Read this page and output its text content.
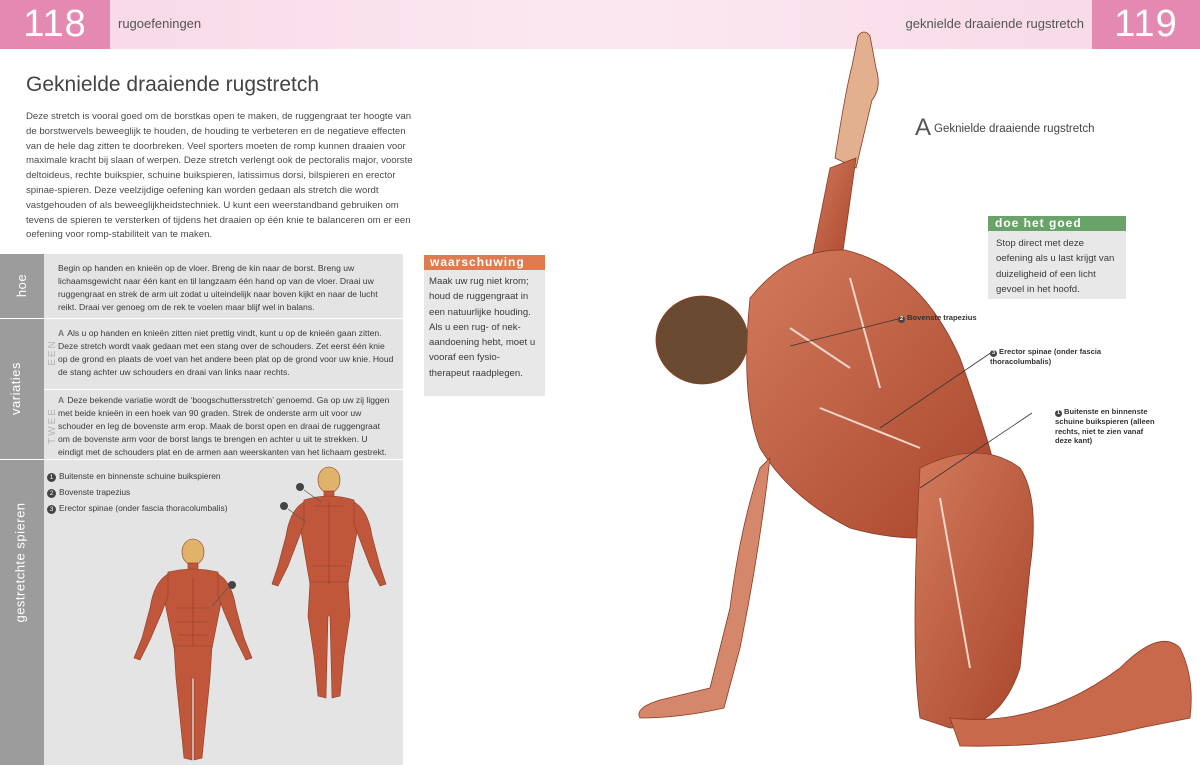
118	rugoefeningen	geknielde draaiende rugstretch 119
Geknielde draaiende rugstretch

Deze stretch is vooral goed om de borstkas open te maken, de ruggengraat ter hoogte van de borstwervels beweeglijk te houden, de houding te verbeteren en de negatieve effecten van de hele dag zitten te doorbreken. Veel sporters moeten de romp kunnen draaien voor maximale kracht bij slaan of werpen. Deze stretch verlengt ook de pectoralis major, voorste deltoideus, rechte buikspier, schuine buikspieren, latissimus dorsi, bilspieren en erector spinae-spieren. Deze veelzijdige oefening kan worden gedaan als stretch die wordt vastgehouden of als beweeglijkheidstechniek. U kunt een weerstandband gebruiken om tevens de spieren te versterken of tijdens het draaien op één knie te balanceren om er een oefening voor romp-stabiliteit van te maken.

hoe
variaties
gestretchte spieren
EEN
TWEE

Begin op handen en knieën op de vloer. Breng de kin naar de borst. Breng uw lichaamsgewicht naar één kant en til langzaam één hand op van de vloer. Draai uw ruggengraat en strek de arm uit zodat u uiteindelijk naar boven kijkt en naar de lucht reikt. Draai ver genoeg om de rek te voelen maar blijf wel in balans.

A Als u op handen en knieën zitten niet prettig vindt, kunt u op de knieën gaan zitten. Deze stretch wordt vaak gedaan met een stang over de schouders. Zet eerst één knie op de grond en plaats de voet van het andere been plat op de grond voor uw knie. Houd de stang achter uw schouders en draai van links naar rechts.

A Deze bekende variatie wordt de ‘boogschuttersstretch’ genoemd. Ga op uw zij liggen met beide knieën in een hoek van 90 graden. Strek de onderste arm uit voor uw schouder en leg de bovenste arm erop. Maak de borst open en draai de ruggengraat om de bovenste arm voor de borst langs te brengen en achter u uit te strekken. U eindigt met de schouders plat en de armen aan weerskanten van het lichaam gestrekt.

1 Buitenste en binnenste schuine buikspieren
2 Bovenste trapezius
3 Erector spinae (onder fascia thoracolumbalis)
waarschuwing

Maak uw rug niet krom; houd de ruggengraat in een natuurlijke houding. Als u een rug- of nek-aandoening hebt, moet u vooraf een fysio-therapeut raadplegen.

doe het goed

Stop direct met deze oefening als u last krijgt van duizeligheid of een licht gevoel in het hoofd.

A Geknielde draaiende rugstretch
2 Bovenste trapezius
3 Erector spinae (onder fascia thoracolumbalis)
1 Buitenste en binnenste schuine buikspieren (alleen rechts, niet te zien vanaf deze kant)
